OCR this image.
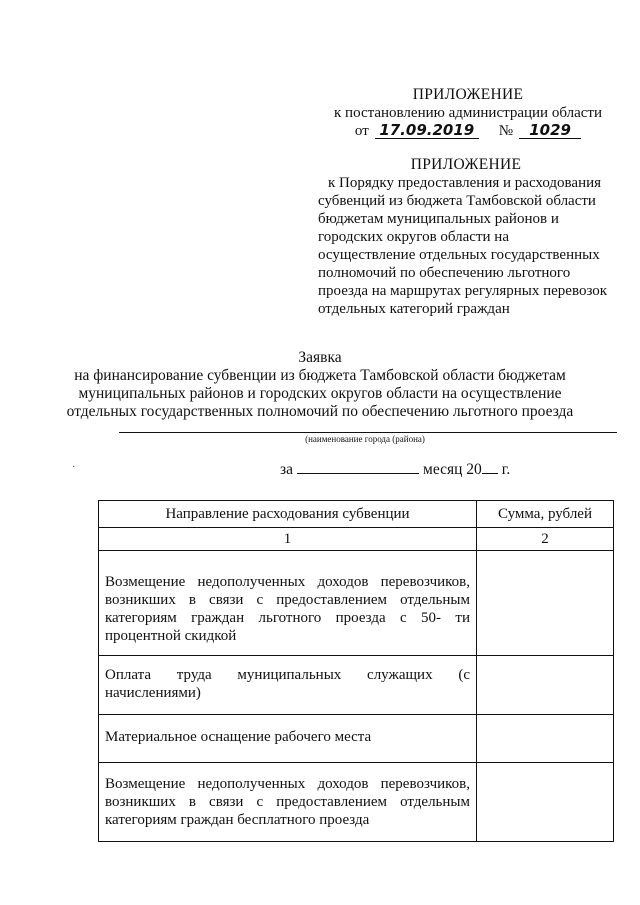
ПРИЛОЖЕНИЕ
к постановлению администрации области
от 17.09.2019	№	1029
ПРИЛОЖЕНИЕ
к Порядку предоставления и расходования
субвенций из бюджета Тамбовской области
бюджетам муниципальных районов и
городских округов области на
осуществление отдельных государственных
полномочий по обеспечению льготного
проезда на маршрутах регулярных перевозок
отдельных категорий граждан
Заявка
на финансирование субвенции из бюджета Тамбовской области бюджетам
муниципальных районов и городских округов области на осуществление
отдельных государственных полномочий по обеспечению льготного проезда
(наименование города (района)
·	за	месяц 20 г.
Направление расходования субвенции	Сумма, рублей
1	2
Возмещение недополученных доходов перевозчиков, возникших в связи с предоставлением отдельным категориям граждан льготного проезда с 50- ти процентной скидкой	
Оплата труда муниципальных служащих (с начислениями)	
Материальное оснащение рабочего места	
Возмещение недополученных доходов перевозчиков, возникших в связи с предоставлением отдельным категориям граждан бесплатного проезда	
